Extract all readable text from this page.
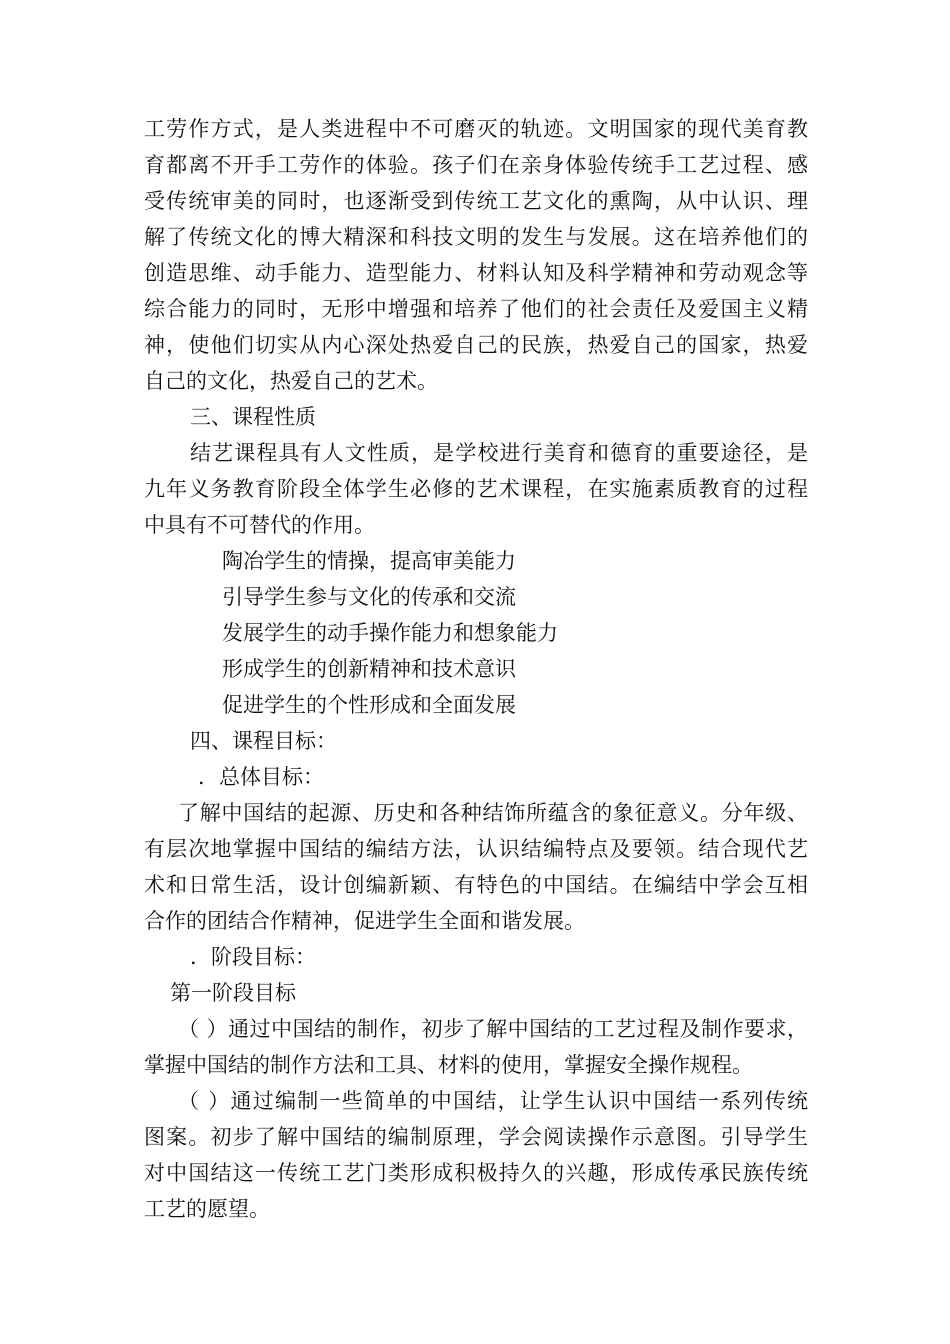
工劳作方式，是人类进程中不可磨灭的轨迹。文明国家的现代美育教
育都离不开手工劳作的体验。孩子们在亲身体验传统手工艺过程、感
受传统审美的同时，也逐渐受到传统工艺文化的熏陶，从中认识、理
解了传统文化的博大精深和科技文明的发生与发展。这在培养他们的
创造思维、动手能力、造型能力、材料认知及科学精神和劳动观念等
综合能力的同时，无形中增强和培养了他们的社会责任及爱国主义精
神，使他们切实从内心深处热爱自己的民族，热爱自己的国家，热爱
自己的文化，热爱自己的艺术。
三、课程性质
结艺课程具有人文性质，是学校进行美育和德育的重要途径，是
九年义务教育阶段全体学生必修的艺术课程，在实施素质教育的过程
中具有不可替代的作用。
陶冶学生的情操，提高审美能力
引导学生参与文化的传承和交流
发展学生的动手操作能力和想象能力
形成学生的创新精神和技术意识
促进学生的个性形成和全面发展
四、课程目标：
．总体目标：
了解中国结的起源、历史和各种结饰所蕴含的象征意义。分年级、
有层次地掌握中国结的编结方法，认识结编特点及要领。结合现代艺
术和日常生活，设计创编新颖、有特色的中国结。在编结中学会互相
合作的团结合作精神，促进学生全面和谐发展。
．阶段目标：
第一阶段目标
（ ）通过中国结的制作，初步了解中国结的工艺过程及制作要求，
掌握中国结的制作方法和工具、材料的使用，掌握安全操作规程。
（ ）通过编制一些简单的中国结，让学生认识中国结一系列传统
图案。初步了解中国结的编制原理，学会阅读操作示意图。引导学生
对中国结这一传统工艺门类形成积极持久的兴趣，形成传承民族传统
工艺的愿望。
